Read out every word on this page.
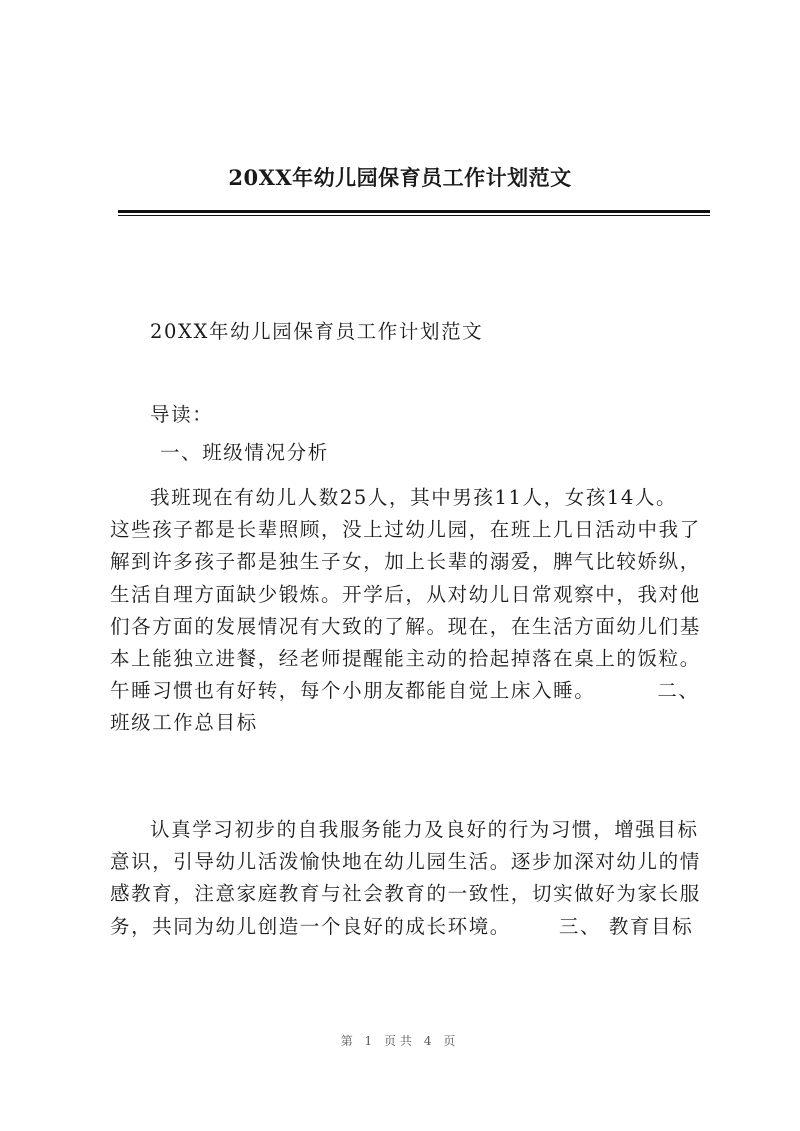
20XX年幼儿园保育员工作计划范文
20XX年幼儿园保育员工作计划范文
导读：
一、班级情况分析
我班现在有幼儿人数25人，其中男孩11人，女孩14人。
这些孩子都是长辈照顾，没上过幼儿园，在班上几日活动中我了
解到许多孩子都是独生子女，加上长辈的溺爱，脾气比较娇纵，
生活自理方面缺少锻炼。开学后，从对幼儿日常观察中，我对他
们各方面的发展情况有大致的了解。现在，在生活方面幼儿们基
本上能独立进餐，经老师提醒能主动的拾起掉落在桌上的饭粒。
午睡习惯也有好转，每个小朋友都能自觉上床入睡。	二、
班级工作总目标
认真学习初步的自我服务能力及良好的行为习惯，增强目标
意识，引导幼儿活泼愉快地在幼儿园生活。逐步加深对幼儿的情
感教育，注意家庭教育与社会教育的一致性，切实做好为家长服
务，共同为幼儿创造一个良好的成长环境。 三、 教育目标
第 1 页共 4 页
